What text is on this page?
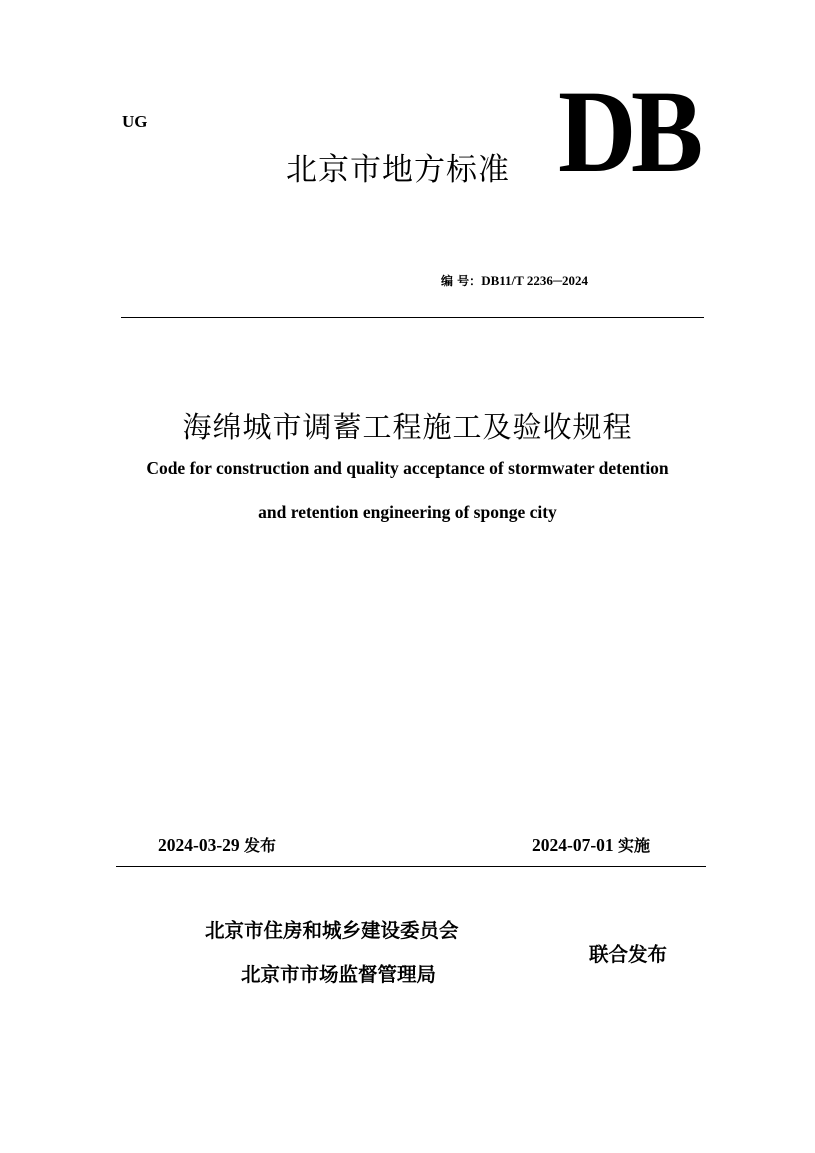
UG
北京市地方标准 DB
编 号：DB11/T 2236─2024
海绵城市调蓄工程施工及验收规程
Code for construction and quality acceptance of stormwater detention
and retention engineering of sponge city
2024-03-29 发布	2024-07-01 实施
北京市住房和城乡建设委员会
北京市市场监督管理局
联合发布
